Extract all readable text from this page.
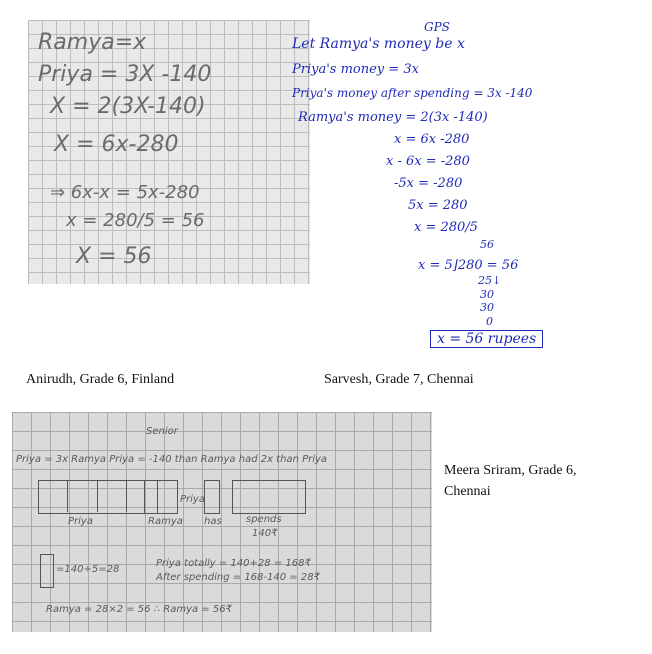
Ramya=x
Priya = 3X -140
X = 2(3X-140)
X = 6x-280
⇒ 6x-x = 5x-280
x = 280/5 = 56
X = 56
Anirudh, Grade 6, Finland
GPS
Let Ramya's money be x
Priya's money = 3x
Priya's money after spending = 3x -140
Ramya's money = 2(3x -140)
x = 6x -280
x - 6x = -280
-5x = -280
5x = 280
x = 280/5
x = 5⌋280 = 56
56
25↓
30
30
0
x = 56 rupees
Sarvesh, Grade 7, Chennai
Senior
Priya = 3x Ramya Priya = -140 than Ramya had 2x than Priya
Priya
Priya	Ramya has spends
140₹
=140÷5=28
Priya totally = 140+28 = 168₹
After spending = 168-140 = 28₹
Ramya = 28×2 = 56 ∴ Ramya = 56₹
Meera Sriram, Grade 6,
Chennai
